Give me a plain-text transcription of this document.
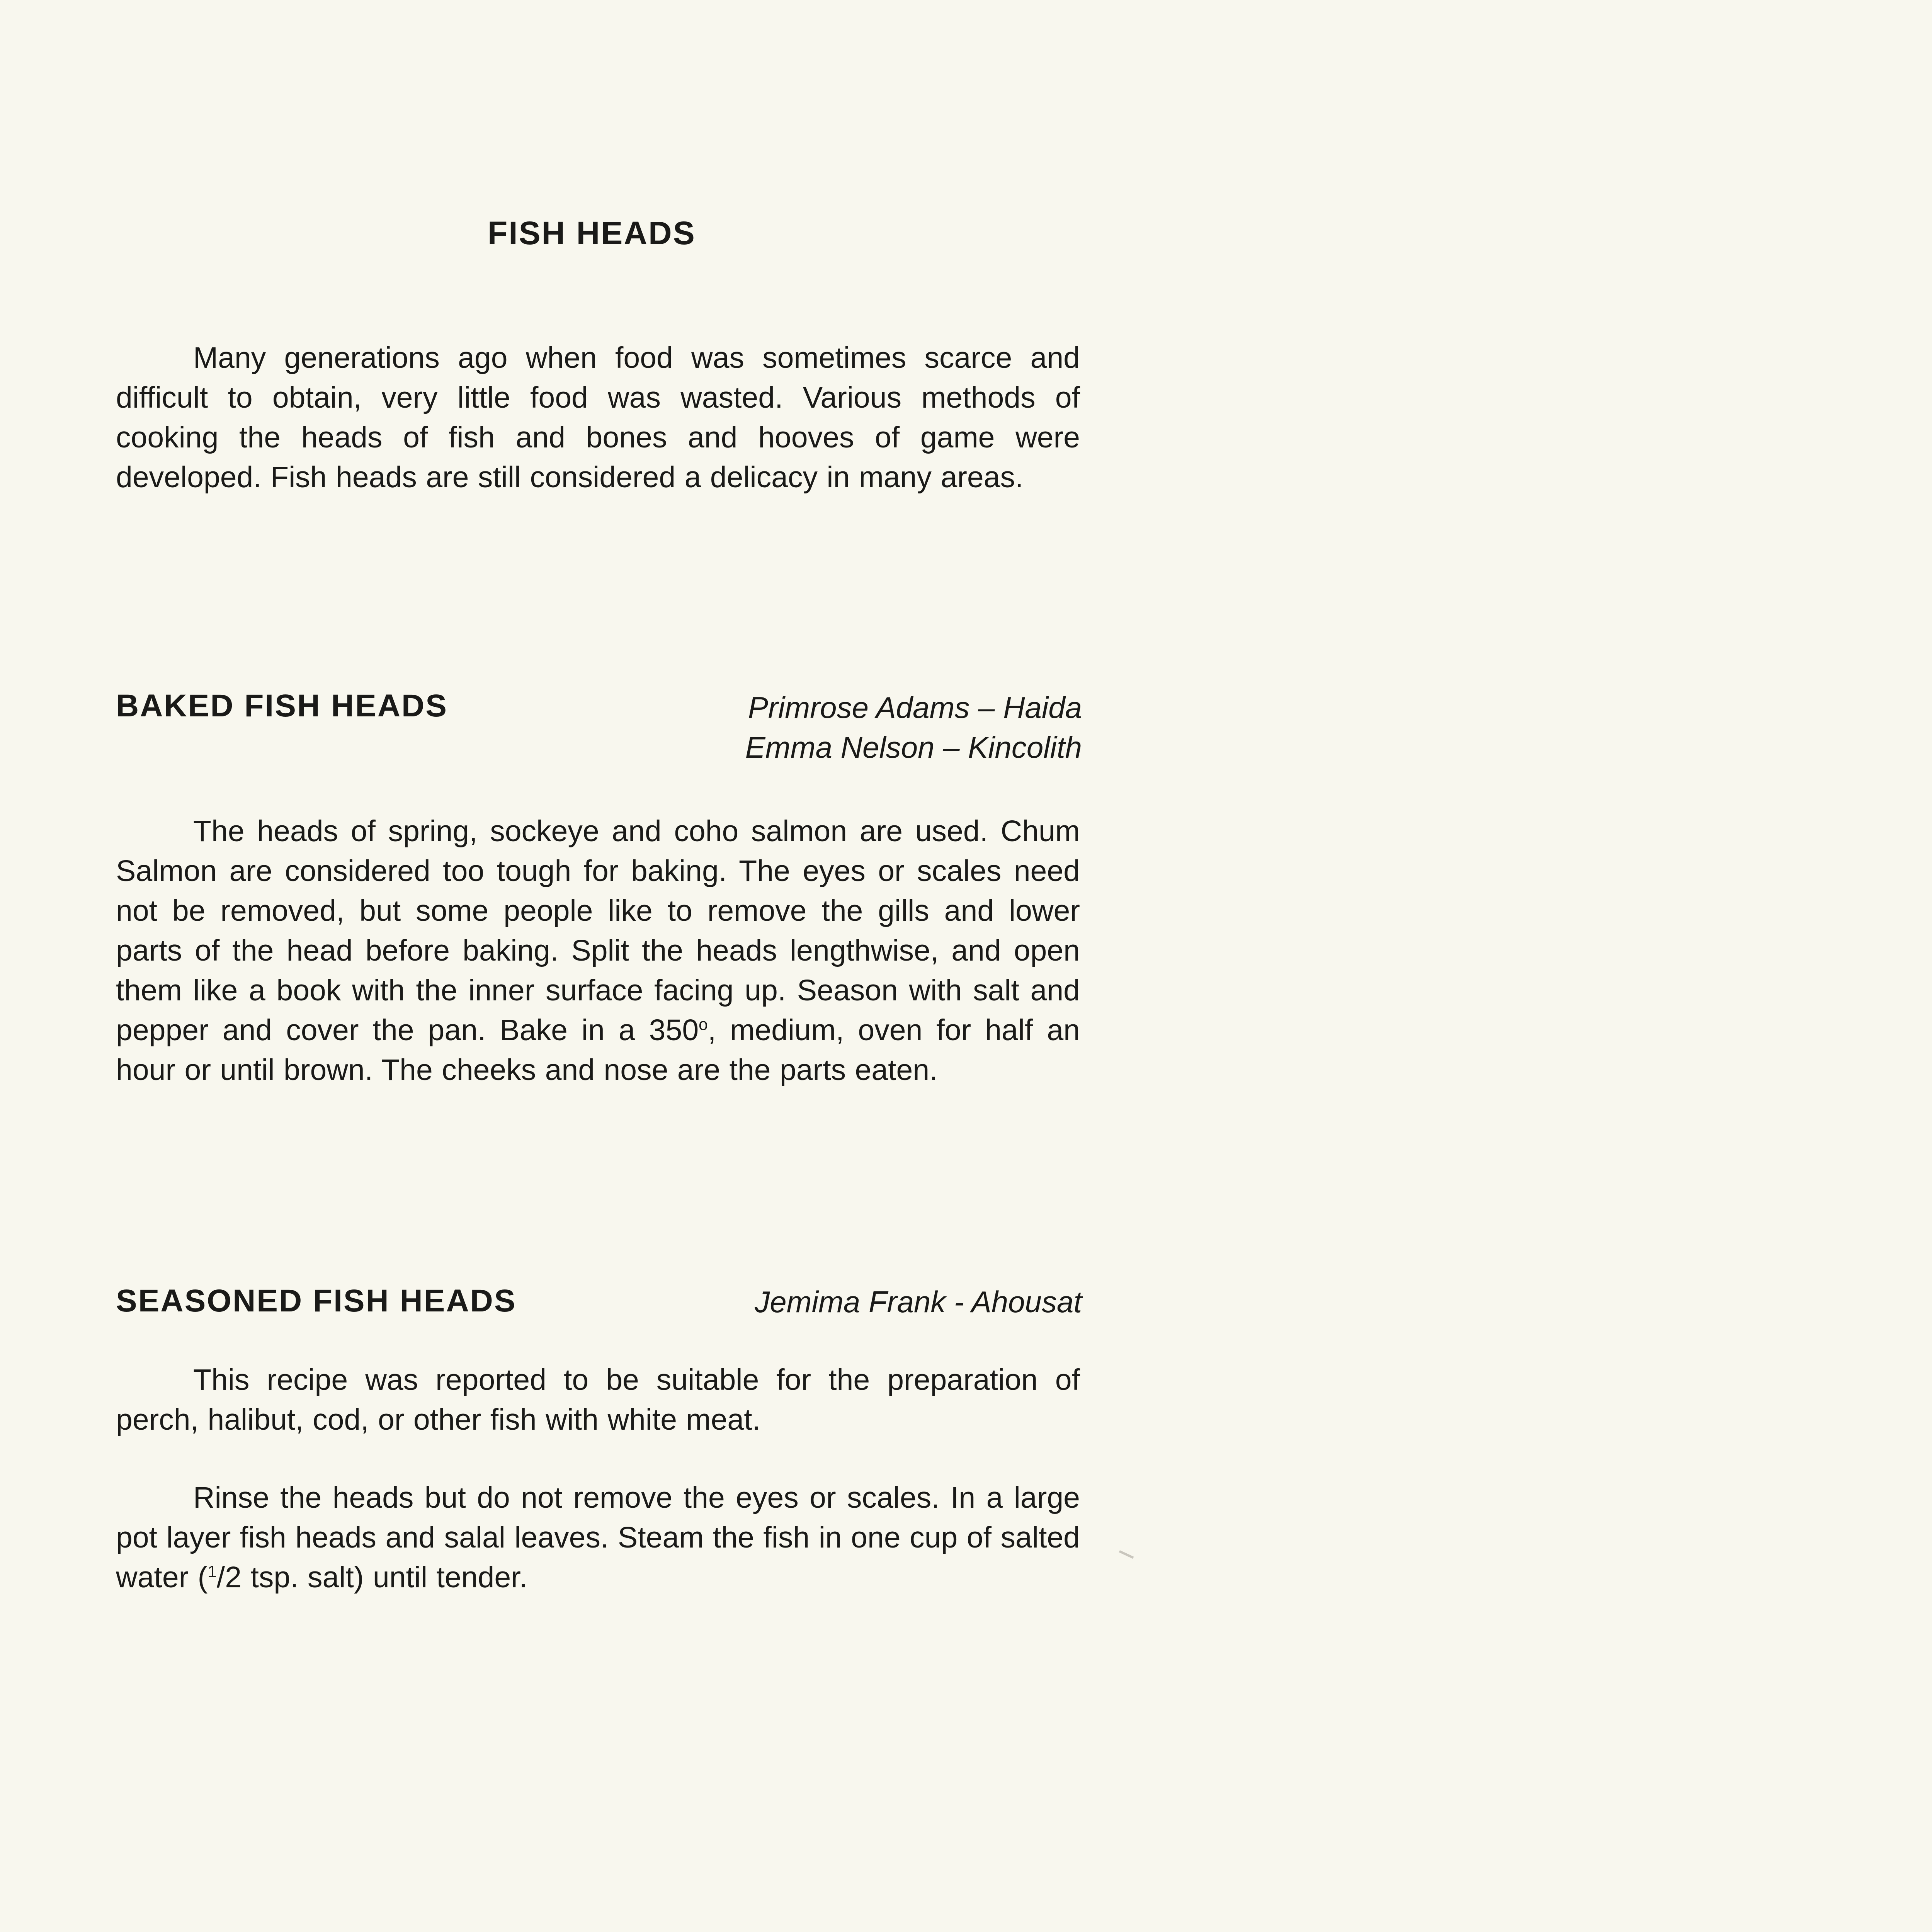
FISH HEADS

Many generations ago when food was sometimes scarce and difficult to obtain, very little food was wasted. Various methods of cooking the heads of fish and bones and hooves of game were developed. Fish heads are still considered a delicacy in many areas.

BAKED FISH HEADS	Primrose Adams – Haida
Emma Nelson – Kincolith

The heads of spring, sockeye and coho salmon are used. Chum Salmon are considered too tough for baking. The eyes or scales need not be removed, but some people like to remove the gills and lower parts of the head before baking. Split the heads lengthwise, and open them like a book with the inner surface facing up. Season with salt and pepper and cover the pan. Bake in a 350$^o$, medium, oven for half an hour or until brown. The cheeks and nose are the parts eaten.

SEASONED FISH HEADS	Jemima Frank - Ahousat

This recipe was reported to be suitable for the preparation of perch, halibut, cod, or other fish with white meat.

Rinse the heads but do not remove the eyes or scales. In a large pot layer fish heads and salal leaves. Steam the fish in one cup of salted water ($^1$/2 tsp. salt) until tender.
